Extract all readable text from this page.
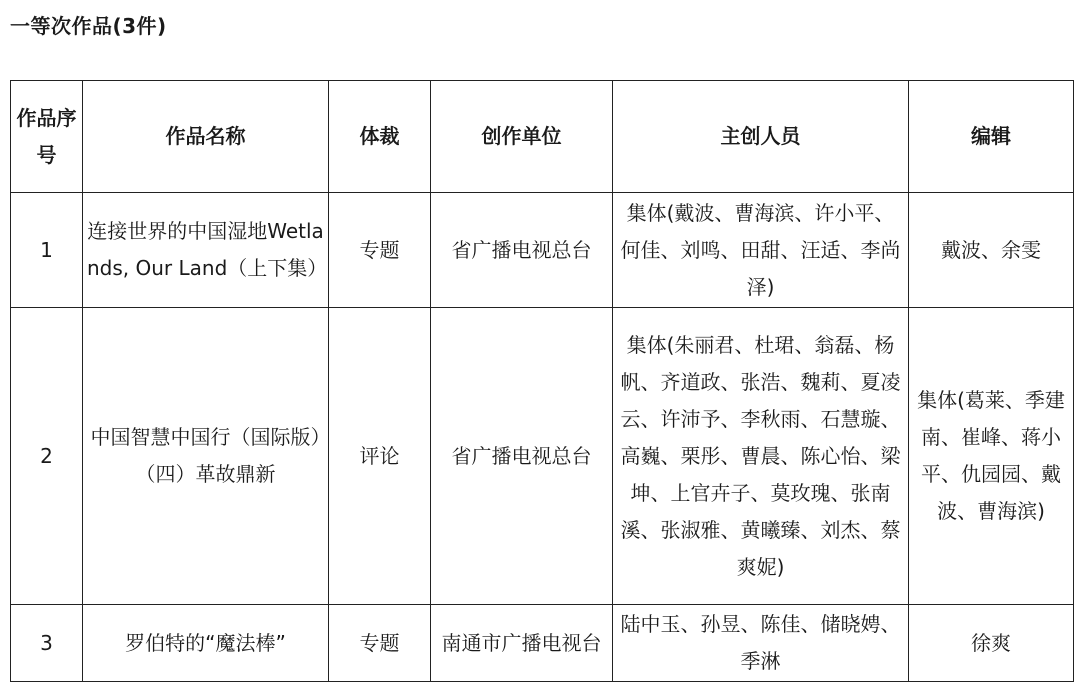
一等次作品(3件)
作品序号	作品名称	体裁	创作单位	主创人员	编辑
1	连接世界的中国湿地Wetlands, Our Land（上下集）	专题	省广播电视总台	集体(戴波、曹海滨、许小平、何佳、刘鸣、田甜、汪适、李尚泽)	戴波、余雯
2	中国智慧中国行（国际版）（四）革故鼎新	评论	省广播电视总台	集体(朱丽君、杜珺、翁磊、杨帆、齐道政、张浩、魏莉、夏凌云、许沛予、李秋雨、石慧璇、高巍、栗彤、曹晨、陈心怡、梁坤、上官卉子、莫玫瑰、张南溪、张淑雅、黄曦臻、刘杰、蔡爽妮)	集体(葛莱、季建南、崔峰、蒋小平、仇园园、戴波、曹海滨)
3	罗伯特的“魔法棒”	专题	南通市广播电视台	陆中玉、孙昱、陈佳、储晓娉、季淋	徐爽
